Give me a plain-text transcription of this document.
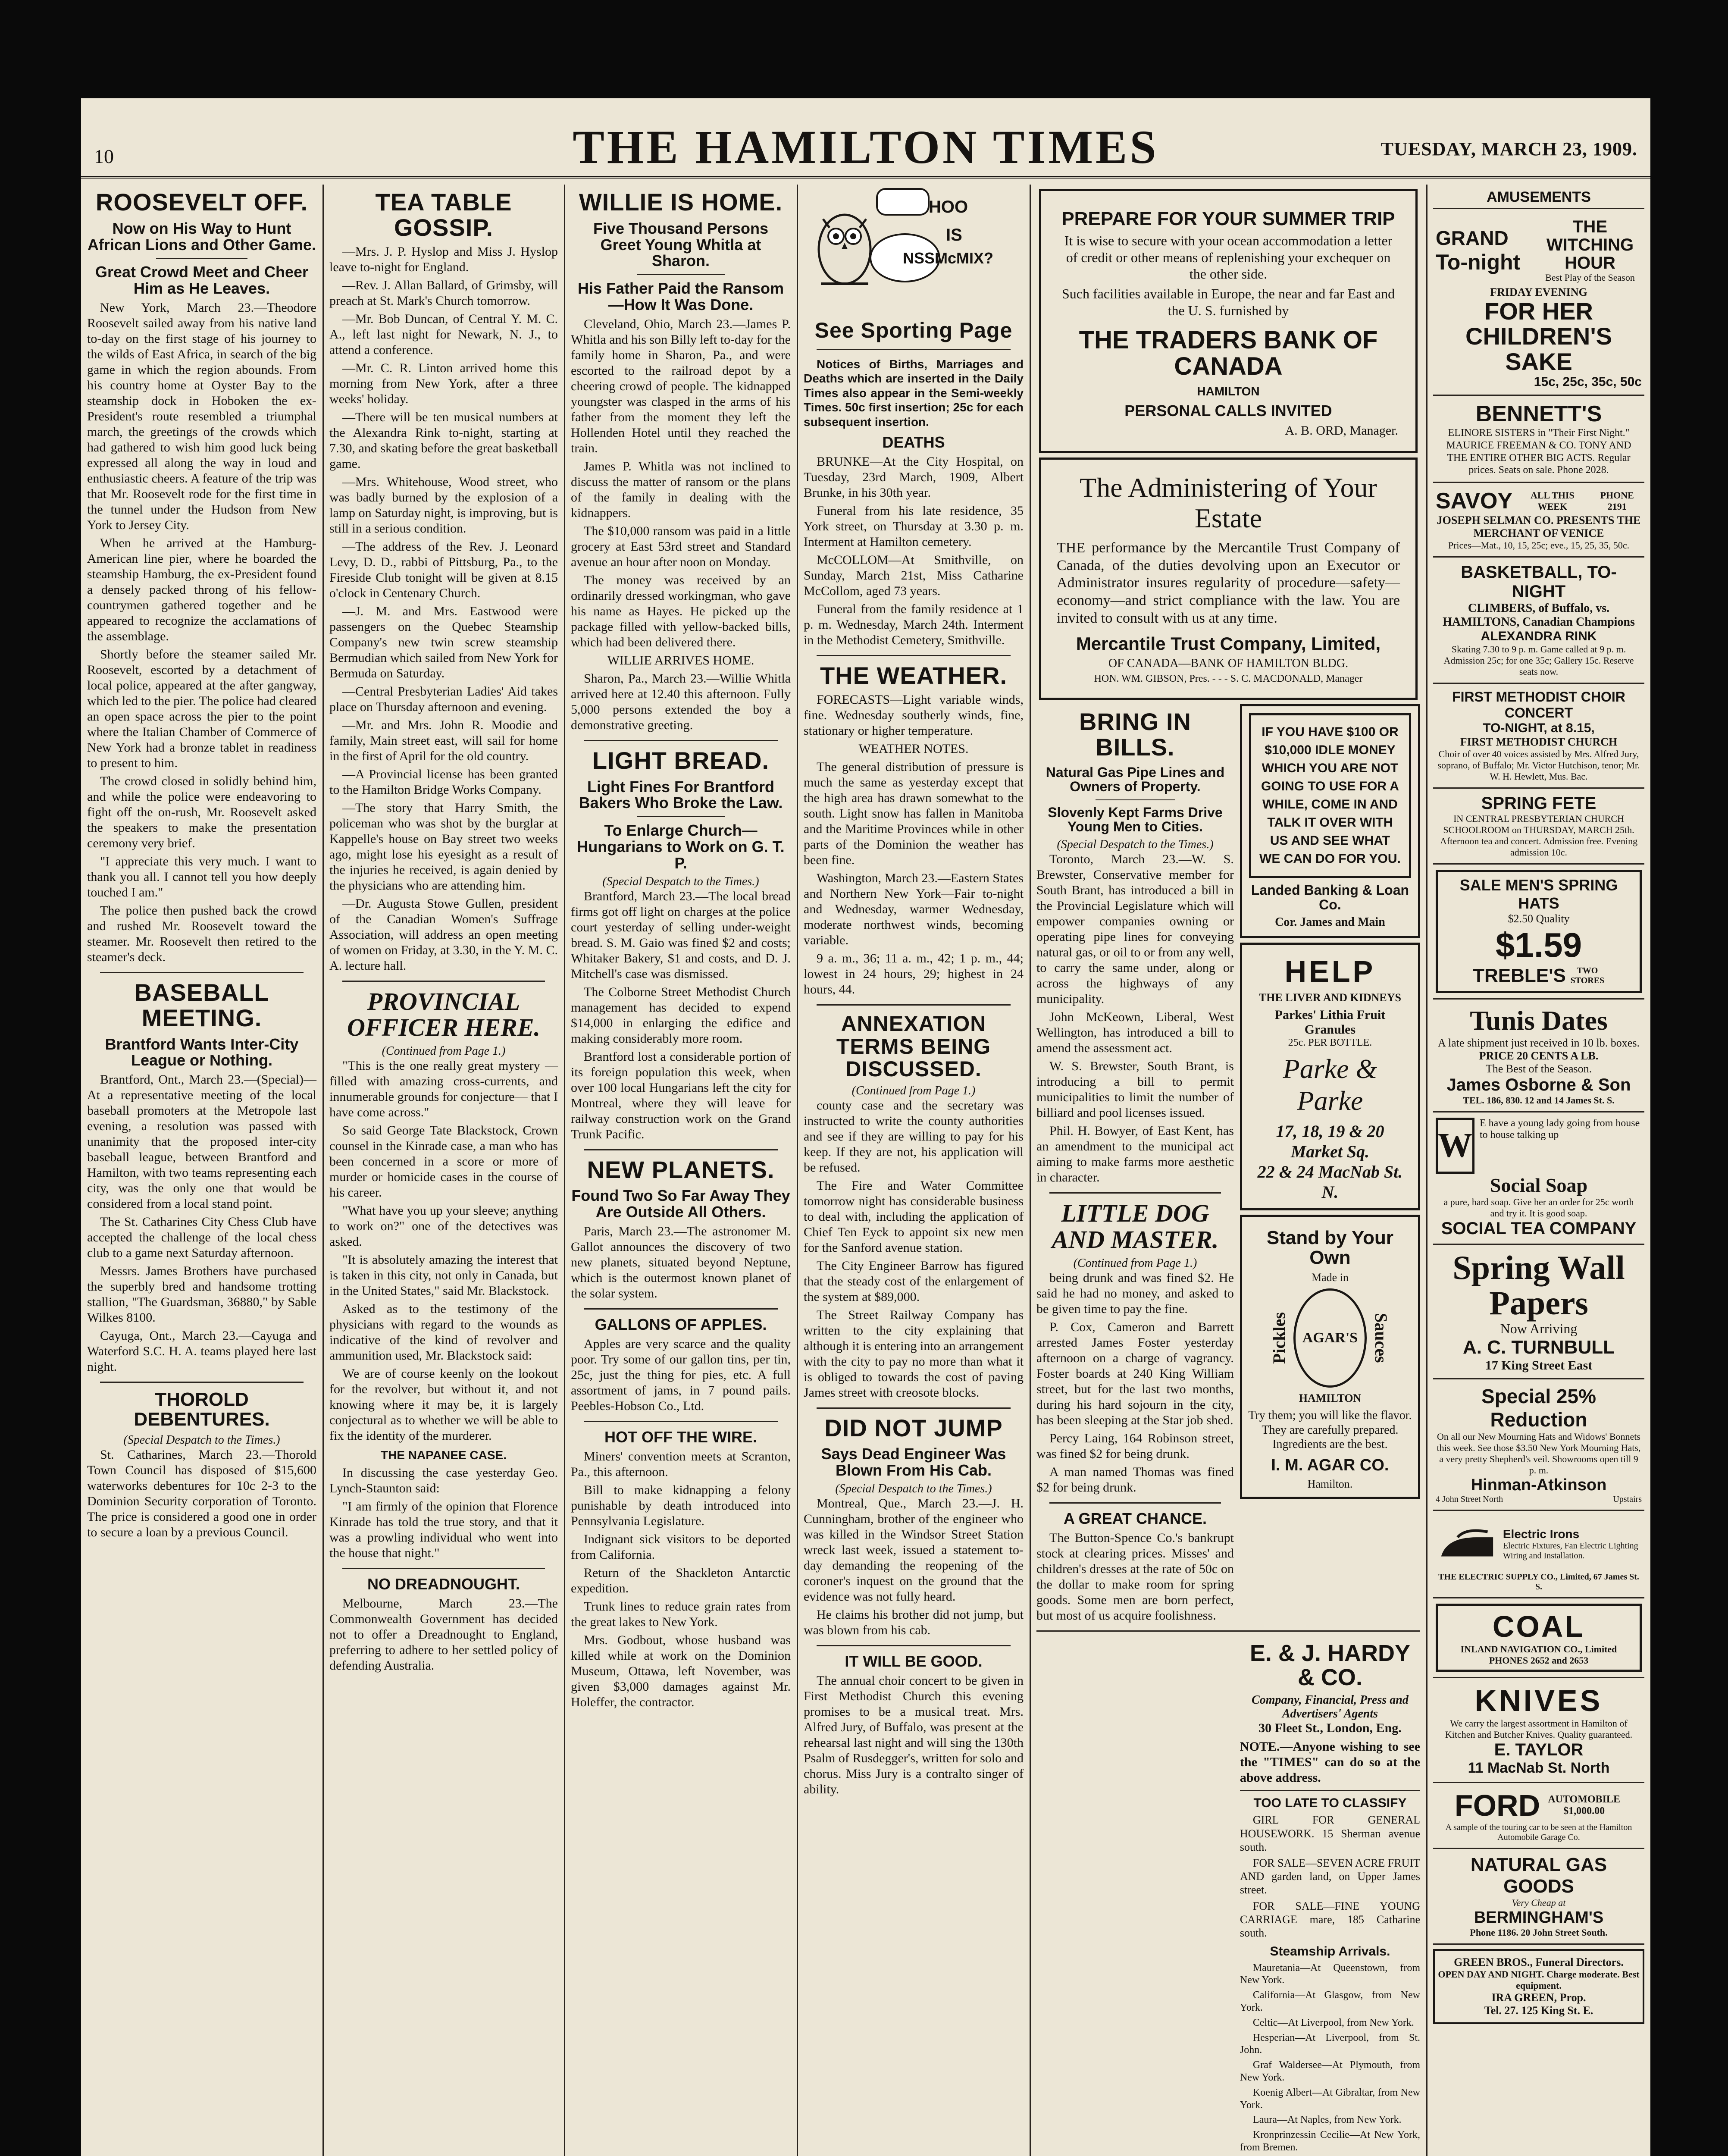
10	THE HAMILTON TIMES	TUESDAY, MARCH 23, 1909.
ROOSEVELT OFF.
Now on His Way to Hunt African Lions and Other Game.
Great Crowd Meet and Cheer Him as He Leaves.

New York, March 23.—Theodore Roosevelt sailed away from his native land to-day on the first stage of his journey to the wilds of East Africa, in search of the big game in which the region abounds. From his country home at Oyster Bay to the steamship dock in Hoboken the ex-President's route resembled a triumphal march, the greetings of the crowds which had gathered to wish him good luck being expressed all along the way in loud and enthusiastic cheers. A feature of the trip was that Mr. Roosevelt rode for the first time in the tunnel under the Hudson from New York to Jersey City.

When he arrived at the Hamburg-American line pier, where he boarded the steamship Hamburg, the ex-President found a densely packed throng of his fellow-countrymen gathered together and he appeared to recognize the acclamations of the assemblage.

Shortly before the steamer sailed Mr. Roosevelt, escorted by a detachment of local police, appeared at the after gangway, which led to the pier. The police had cleared an open space across the pier to the point where the Italian Chamber of Commerce of New York had a bronze tablet in readiness to present to him.

The crowd closed in solidly behind him, and while the police were endeavoring to fight off the on-rush, Mr. Roosevelt asked the speakers to make the presentation ceremony very brief.

"I appreciate this very much. I want to thank you all. I cannot tell you how deeply touched I am."

The police then pushed back the crowd and rushed Mr. Roosevelt toward the steamer. Mr. Roosevelt then retired to the steamer's deck.

BASEBALL MEETING.
Brantford Wants Inter-City League or Nothing.

Brantford, Ont., March 23.—(Special)—At a representative meeting of the local baseball promoters at the Metropole last evening, a resolution was passed with unanimity that the proposed inter-city baseball league, between Brantford and Hamilton, with two teams representing each city, was the only one that would be considered from a local stand point.

The St. Catharines City Chess Club have accepted the challenge of the local chess club to a game next Saturday afternoon.

Messrs. James Brothers have purchased the superbly bred and handsome trotting stallion, "The Guardsman, 36880," by Sable Wilkes 8100.

Cayuga, Ont., March 23.—Cayuga and Waterford S.C. H. A. teams played here last night.

THOROLD DEBENTURES.
(Special Despatch to the Times.)

St. Catharines, March 23.—Thorold Town Council has disposed of $15,600 waterworks debentures for 10c 2-3 to the Dominion Security corporation of Toronto. The price is considered a good one in order to secure a loan by a previous Council.

TEA TABLE GOSSIP.

—Mrs. J. P. Hyslop and Miss J. Hyslop leave to-night for England.

—Rev. J. Allan Ballard, of Grimsby, will preach at St. Mark's Church tomorrow.

—Mr. Bob Duncan, of Central Y. M. C. A., left last night for Newark, N. J., to attend a conference.

—Mr. C. R. Linton arrived home this morning from New York, after a three weeks' holiday.

—There will be ten musical numbers at the Alexandra Rink to-night, starting at 7.30, and skating before the great basketball game.

—Mrs. Whitehouse, Wood street, who was badly burned by the explosion of a lamp on Saturday night, is improving, but is still in a serious condition.

—The address of the Rev. J. Leonard Levy, D. D., rabbi of Pittsburg, Pa., to the Fireside Club tonight will be given at 8.15 o'clock in Centenary Church.

—J. M. and Mrs. Eastwood were passengers on the Quebec Steamship Company's new twin screw steamship Bermudian which sailed from New York for Bermuda on Saturday.

—Central Presbyterian Ladies' Aid takes place on Thursday afternoon and evening.

—Mr. and Mrs. John R. Moodie and family, Main street east, will sail for home in the first of April for the old country.

—A Provincial license has been granted to the Hamilton Bridge Works Company.

—The story that Harry Smith, the policeman who was shot by the burglar at Kappelle's house on Bay street two weeks ago, might lose his eyesight as a result of the injuries he received, is again denied by the physicians who are attending him.

—Dr. Augusta Stowe Gullen, president of the Canadian Women's Suffrage Association, will address an open meeting of women on Friday, at 3.30, in the Y. M. C. A. lecture hall.

PROVINCIAL OFFICER HERE.
(Continued from Page 1.)

"This is the one really great mystery —filled with amazing cross-currents, and innumerable grounds for conjecture— that I have come across."

So said George Tate Blackstock, Crown counsel in the Kinrade case, a man who has been concerned in a score or more of murder or homicide cases in the course of his career.

"What have you up your sleeve; anything to work on?" one of the detectives was asked.

"It is absolutely amazing the interest that is taken in this city, not only in Canada, but in the United States," said Mr. Blackstock.

Asked as to the testimony of the physicians with regard to the wounds as indicative of the kind of revolver and ammunition used, Mr. Blackstock said:

We are of course keenly on the lookout for the revolver, but without it, and not knowing where it may be, it is largely conjectural as to whether we will be able to fix the identity of the murderer.

THE NAPANEE CASE.

In discussing the case yesterday Geo. Lynch-Staunton said:

"I am firmly of the opinion that Florence Kinrade has told the true story, and that it was a prowling individual who went into the house that night."

NO DREADNOUGHT.

Melbourne, March 23.—The Commonwealth Government has decided not to offer a Dreadnought to England, preferring to adhere to her settled policy of defending Australia.

WILLIE IS HOME.
Five Thousand Persons Greet Young Whitla at Sharon.
His Father Paid the Ransom—How It Was Done.

Cleveland, Ohio, March 23.—James P. Whitla and his son Billy left to-day for the family home in Sharon, Pa., and were escorted to the railroad depot by a cheering crowd of people. The kidnapped youngster was clasped in the arms of his father from the moment they left the Hollenden Hotel until they reached the train.

James P. Whitla was not inclined to discuss the matter of ransom or the plans of the family in dealing with the kidnappers.

The $10,000 ransom was paid in a little grocery at East 53rd street and Standard avenue an hour after noon on Monday.

The money was received by an ordinarily dressed workingman, who gave his name as Hayes. He picked up the package filled with yellow-backed bills, which had been delivered there.

WILLIE ARRIVES HOME.

Sharon, Pa., March 23.—Willie Whitla arrived here at 12.40 this afternoon. Fully 5,000 persons extended the boy a demonstrative greeting.

LIGHT BREAD.
Light Fines For Brantford Bakers Who Broke the Law.
To Enlarge Church—Hungarians to Work on G. T. P.
(Special Despatch to the Times.)

Brantford, March 23.—The local bread firms got off light on charges at the police court yesterday of selling under-weight bread. S. M. Gaio was fined $2 and costs; Whitaker Bakery, $1 and costs, and D. J. Mitchell's case was dismissed.

The Colborne Street Methodist Church management has decided to expend $14,000 in enlarging the edifice and making considerably more room.

Brantford lost a considerable portion of its foreign population this week, when over 100 local Hungarians left the city for Montreal, where they will leave for railway construction work on the Grand Trunk Pacific.

NEW PLANETS.
Found Two So Far Away They Are Outside All Others.

Paris, March 23.—The astronomer M. Gallot announces the discovery of two new planets, situated beyond Neptune, which is the outermost known planet of the solar system.

GALLONS OF APPLES.

Apples are very scarce and the quality poor. Try some of our gallon tins, per tin, 25c, just the thing for pies, etc. A full assortment of jams, in 7 pound pails. Peebles-Hobson Co., Ltd.

HOT OFF THE WIRE.

Miners' convention meets at Scranton, Pa., this afternoon.

Bill to make kidnapping a felony punishable by death introduced into Pennsylvania Legislature.

Indignant sick visitors to be deported from California.

Return of the Shackleton Antarctic expedition.

Trunk lines to reduce grain rates from the great lakes to New York.

Mrs. Godbout, whose husband was killed while at work on the Dominion Museum, Ottawa, left November, was given $3,000 damages against Mr. Holeffer, the contractor.

HOO
IS
NSSMcMIX?
See Sporting Page

Notices of Births, Marriages and Deaths which are inserted in the Daily Times also appear in the Semi-weekly Times. 50c first insertion; 25c for each subsequent insertion.

DEATHS

BRUNKE—At the City Hospital, on Tuesday, 23rd March, 1909, Albert Brunke, in his 30th year.

Funeral from his late residence, 35 York street, on Thursday at 3.30 p. m. Interment at Hamilton cemetery.

McCOLLOM—At Smithville, on Sunday, March 21st, Miss Catharine McCollom, aged 73 years.

Funeral from the family residence at 1 p. m. Wednesday, March 24th. Interment in the Methodist Cemetery, Smithville.

THE WEATHER.

FORECASTS—Light variable winds, fine. Wednesday southerly winds, fine, stationary or higher temperature.

WEATHER NOTES.

The general distribution of pressure is much the same as yesterday except that the high area has drawn somewhat to the south. Light snow has fallen in Manitoba and the Maritime Provinces while in other parts of the Dominion the weather has been fine.

Washington, March 23.—Eastern States and Northern New York—Fair to-night and Wednesday, warmer Wednesday, moderate northwest winds, becoming variable.

9 a. m., 36; 11 a. m., 42; 1 p. m., 44; lowest in 24 hours, 29; highest in 24 hours, 44.

ANNEXATION TERMS BEING DISCUSSED.
(Continued from Page 1.)

county case and the secretary was instructed to write the county authorities and see if they are willing to pay for his keep. If they are not, his application will be refused.

The Fire and Water Committee tomorrow night has considerable business to deal with, including the application of Chief Ten Eyck to appoint six new men for the Sanford avenue station.

The City Engineer Barrow has figured that the steady cost of the enlargement of the system at $89,000.

The Street Railway Company has written to the city explaining that although it is entering into an arrangement with the city to pay no more than what it is obliged to towards the cost of paving James street with creosote blocks.

DID NOT JUMP
Says Dead Engineer Was Blown From His Cab.
(Special Despatch to the Times.)

Montreal, Que., March 23.—J. H. Cunningham, brother of the engineer who was killed in the Windsor Street Station wreck last week, issued a statement to-day demanding the reopening of the coroner's inquest on the ground that the evidence was not fully heard.

He claims his brother did not jump, but was blown from his cab.

IT WILL BE GOOD.

The annual choir concert to be given in First Methodist Church this evening promises to be a musical treat. Mrs. Alfred Jury, of Buffalo, was present at the rehearsal last night and will sing the 130th Psalm of Rusdegger's, written for solo and chorus. Miss Jury is a contralto singer of ability.

PREPARE FOR YOUR SUMMER TRIP
It is wise to secure with your ocean accommodation a letter of credit or other means of replenishing your exchequer on the other side.
Such facilities available in Europe, the near and far East and the U. S. furnished by
THE TRADERS BANK OF CANADA
HAMILTON
PERSONAL CALLS INVITED
A. B. ORD, Manager.
The Administering of Your Estate
THE performance by the Mercantile Trust Company of Canada, of the duties devolving upon an Executor or Administrator insures regularity of procedure—safety—economy—and strict compliance with the law. You are invited to consult with us at any time.
Mercantile Trust Company, Limited,
OF CANADA—BANK OF HAMILTON BLDG.
HON. WM. GIBSON, Pres. - - - S. C. MACDONALD, Manager
BRING IN BILLS.
Natural Gas Pipe Lines and Owners of Property.
Slovenly Kept Farms Drive Young Men to Cities.
(Special Despatch to the Times.)

Toronto, March 23.—W. S. Brewster, Conservative member for South Brant, has introduced a bill in the Provincial Legislature which will empower companies owning or operating pipe lines for conveying natural gas, or oil to or from any well, to carry the same under, along or across the highways of any municipality.

John McKeown, Liberal, West Wellington, has introduced a bill to amend the assessment act.

W. S. Brewster, South Brant, is introducing a bill to permit municipalities to limit the number of billiard and pool licenses issued.

Phil. H. Bowyer, of East Kent, has an amendment to the municipal act aiming to make farms more aesthetic in character.

LITTLE DOG AND MASTER.
(Continued from Page 1.)

being drunk and was fined $2. He said he had no money, and asked to be given time to pay the fine.

P. Cox, Cameron and Barrett arrested James Foster yesterday afternoon on a charge of vagrancy. Foster boards at 240 King William street, but for the last two months, during his hard sojourn in the city, has been sleeping at the Star job shed.

Percy Laing, 164 Robinson street, was fined $2 for being drunk.

A man named Thomas was fined $2 for being drunk.

A GREAT CHANCE.

The Button-Spence Co.'s bankrupt stock at clearing prices. Misses' and children's dresses at the rate of 50c on the dollar to make room for spring goods. Some men are born perfect, but most of us acquire foolishness.

IF YOU HAVE $100 OR $10,000 IDLE MONEY WHICH YOU ARE NOT GOING TO USE FOR A WHILE, COME IN AND TALK IT OVER WITH US AND SEE WHAT WE CAN DO FOR YOU.
Landed Banking & Loan Co.
Cor. James and Main
HELP
THE LIVER AND KIDNEYS
Parkes' Lithia Fruit Granules
25c. PER BOTTLE.
Parke & Parke
17, 18, 19 & 20 Market Sq.
22 & 24 MacNab St. N.
Stand by Your Own
Made in
Pickles AGAR'S Sauces
HAMILTON
Try them; you will like the flavor. They are carefully prepared. Ingredients are the best.
I. M. AGAR CO.
Hamilton.
E. & J. HARDY & CO.
Company, Financial, Press and Advertisers' Agents
30 Fleet St., London, Eng.
NOTE.—Anyone wishing to see the "TIMES" can do so at the above address.
TOO LATE TO CLASSIFY

GIRL FOR GENERAL HOUSEWORK. 15 Sherman avenue south.

FOR SALE—SEVEN ACRE FRUIT AND garden land, on Upper James street.

FOR SALE—FINE YOUNG CARRIAGE mare, 185 Catharine south.

Steamship Arrivals.

Mauretania—At Queenstown, from New York.

California—At Glasgow, from New York.

Celtic—At Liverpool, from New York.

Hesperian—At Liverpool, from St. John.

Graf Waldersee—At Plymouth, from New York.

Koenig Albert—At Gibraltar, from New York.

Laura—At Naples, from New York.

Kronprinzessin Cecilie—At New York, from Bremen.

AMUSEMENTS
GRAND
To-night
THE WITCHING HOUR
Best Play of the Season
FRIDAY EVENING
FOR HER CHILDREN'S SAKE
15c, 25c, 35c, 50c
BENNETT'S
ELINORE SISTERS in "Their First Night." MAURICE FREEMAN & CO. TONY AND THE ENTIRE OTHER BIG ACTS. Regular prices. Seats on sale. Phone 2028.
SAVOY	ALL THIS WEEK
PHONE 2191
JOSEPH SELMAN CO. PRESENTS THE MERCHANT OF VENICE
Prices—Mat., 10, 15, 25c; eve., 15, 25, 35, 50c.
BASKETBALL, TO-NIGHT
CLIMBERS, of Buffalo, vs. HAMILTONS, Canadian Champions
ALEXANDRA RINK
Skating 7.30 to 9 p. m. Game called at 9 p. m. Admission 25c; for one 35c; Gallery 15c. Reserve seats now.
FIRST METHODIST CHOIR CONCERT
TO-NIGHT, at 8.15,
FIRST METHODIST CHURCH
Choir of over 40 voices assisted by Mrs. Alfred Jury, soprano, of Buffalo; Mr. Victor Hutchison, tenor; Mr. W. H. Hewlett, Mus. Bac.
SPRING FETE
IN CENTRAL PRESBYTERIAN CHURCH SCHOOLROOM on THURSDAY, MARCH 25th. Afternoon tea and concert. Admission free. Evening admission 10c.
SALE MEN'S SPRING HATS
$2.50 Quality
$1.59
TREBLE'S	TWO STORES
Tunis Dates
A late shipment just received in 10 lb. boxes.
PRICE 20 CENTS A LB.
The Best of the Season.
James Osborne & Son
TEL. 186, 830. 12 and 14 James St. S.
W
E have a young lady going from house to house talking up
Social Soap
a pure, hard soap. Give her an order for 25c worth and try it. It is good soap.
SOCIAL TEA COMPANY
Spring Wall Papers
Now Arriving
A. C. TURNBULL
17 King Street East
Special 25% Reduction
On all our New Mourning Hats and Widows' Bonnets this week. See those $3.50 New York Mourning Hats, a very pretty Shepherd's veil. Showrooms open till 9 p. m.
Hinman-Atkinson
4 John Street North	Upstairs
Electric Irons
Electric Fixtures, Fan Electric Lighting Wiring and Installation.
THE ELECTRIC SUPPLY CO., Limited, 67 James St. S.
COAL
INLAND NAVIGATION CO., Limited
PHONES 2652 and 2653
KNIVES
We carry the largest assortment in Hamilton of Kitchen and Butcher Knives. Quality guaranteed.
E. TAYLOR
11 MacNab St. North
FORD AUTOMOBILE $1,000.00
A sample of the touring car to be seen at the Hamilton Automobile Garage Co.
NATURAL GAS GOODS
Very Cheap at
BERMINGHAM'S
Phone 1186. 20 John Street South.
GREEN BROS., Funeral Directors.
OPEN DAY AND NIGHT. Charge moderate. Best equipment.
IRA GREEN, Prop.
Tel. 27. 125 King St. E.
